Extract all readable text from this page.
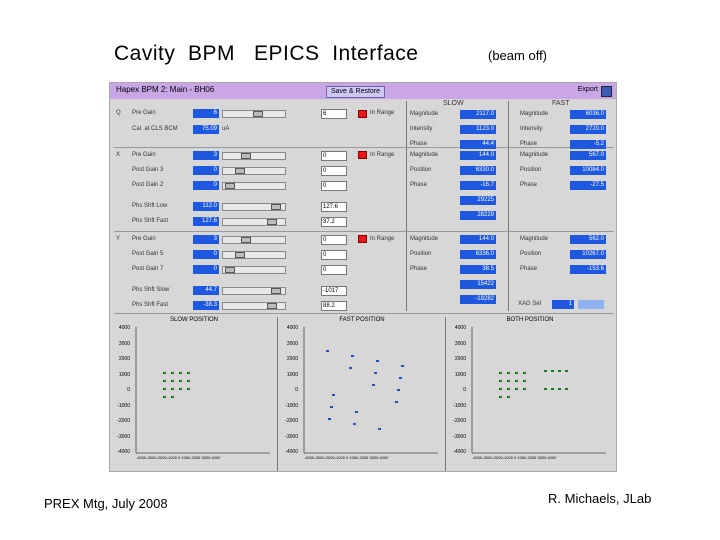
Cavity  BPM   EPICS  Interface	(beam off)
PREX Mtg, July 2008	R. Michaels, JLab
Hapex BPM 2: Main - BH06	Save & Restore	Export
SLOW	FAST
Q Pre Gain	6	6	In Range
Cal. at CLS BCM	75.09 uA
Magnitude	2117.0
Intensity	1123.0
Phase	44.4
Magnitude	6036.0
Intensity	2720.0
Phase	-5.2
X	In Range
Pre Gain	3	0
Post Gain 3	0	0
Post Gain 2	0	0
Phs Shft Low	112.0	127.6
Phs Shft Fast	127.6	37.2
Magnitude	144.0
Position	6330.0
Phase	-16.7
29225
28229
Magnitude	567.0
Position	10084.0
Phase	-27.5
Y	In Range
Pre Gain	3	0
Post Gain 5	0	0
Post Gain 7	0	0
Phs Shft Slow	44.7	-1017
Phs Shft Fast	-38.3	88.2
Magnitude	144.0
Position	6336.0
Phase	38.5
15422
-18282
Magnitude	562.0
Position	10267.0
Phase	-153.6
XAG Sel	1
SLOW POSITION
4000
3000
2000
1000
0
-1000
-2000
-3000
-4000
-4000-3000-2000-1000 0 1000 2000 3000 4000
FAST POSITION
4000
3000
2000
1000
0
-1000
-2000
-3000
-4000
-4000-3000-2000-1000 0 1000 2000 3000 4000
BOTH POSITION
4000
3000
2000
1000
0
-1000
-2000
-3000
-4000
-4000-3000-2000-1000 0 1000 2000 3000 4000
